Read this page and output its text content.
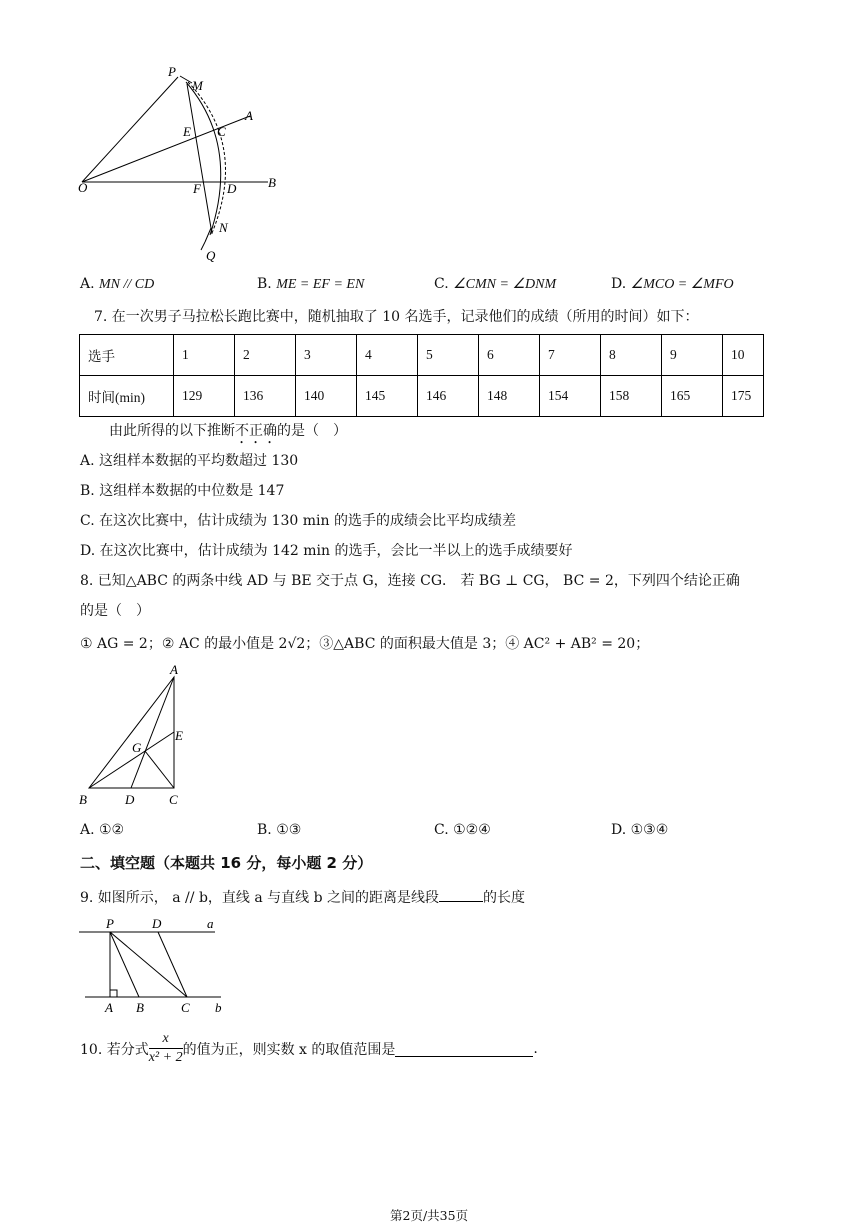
P
M
A
E C
O	F D B
N
Q
A. MN // CD	B. ME = EF = EN	C. ∠CMN = ∠DNM	D. ∠MCO = ∠MFO
7. 在一次男子马拉松长跑比赛中，随机抽取了 10 名选手，记录他们的成绩（所用的时间）如下：
选手	1	2	3	4	5	6	7	8	9	10
时间(min)	129	136	140	145	146	148	154	158	165	175
由此所得的以下推断不正确的是（　）
A. 这组样本数据的平均数超过 130
B. 这组样本数据的中位数是 147
C. 在这次比赛中，估计成绩为 130 min 的选手的成绩会比平均成绩差
D. 在这次比赛中，估计成绩为 142 min 的选手，会比一半以上的选手成绩要好
8. 已知△ABC 的两条中线 AD 与 BE 交于点 G，连接 CG． 若 BG ⊥ CG， BC = 2，下列四个结论正确
的是（　）
① AG = 2；② AC 的最小值是 2√2；③△ABC 的面积最大值是 3；④ AC² + AB² = 20；
A
E
G
B	D	C
A. ①②	B. ①③	C. ①②④	D. ①③④
二、填空题（本题共 16 分，每小题 2 分）
9. 如图所示， a // b，直线 a 与直线 b 之间的距离是线段	的长度
P	D	a
A B	C b
10. 若分式 $\frac{x}{\text{x² + 2}}$ 的值为正，则实数 x 的取值范围是	.
第2页/共35页
